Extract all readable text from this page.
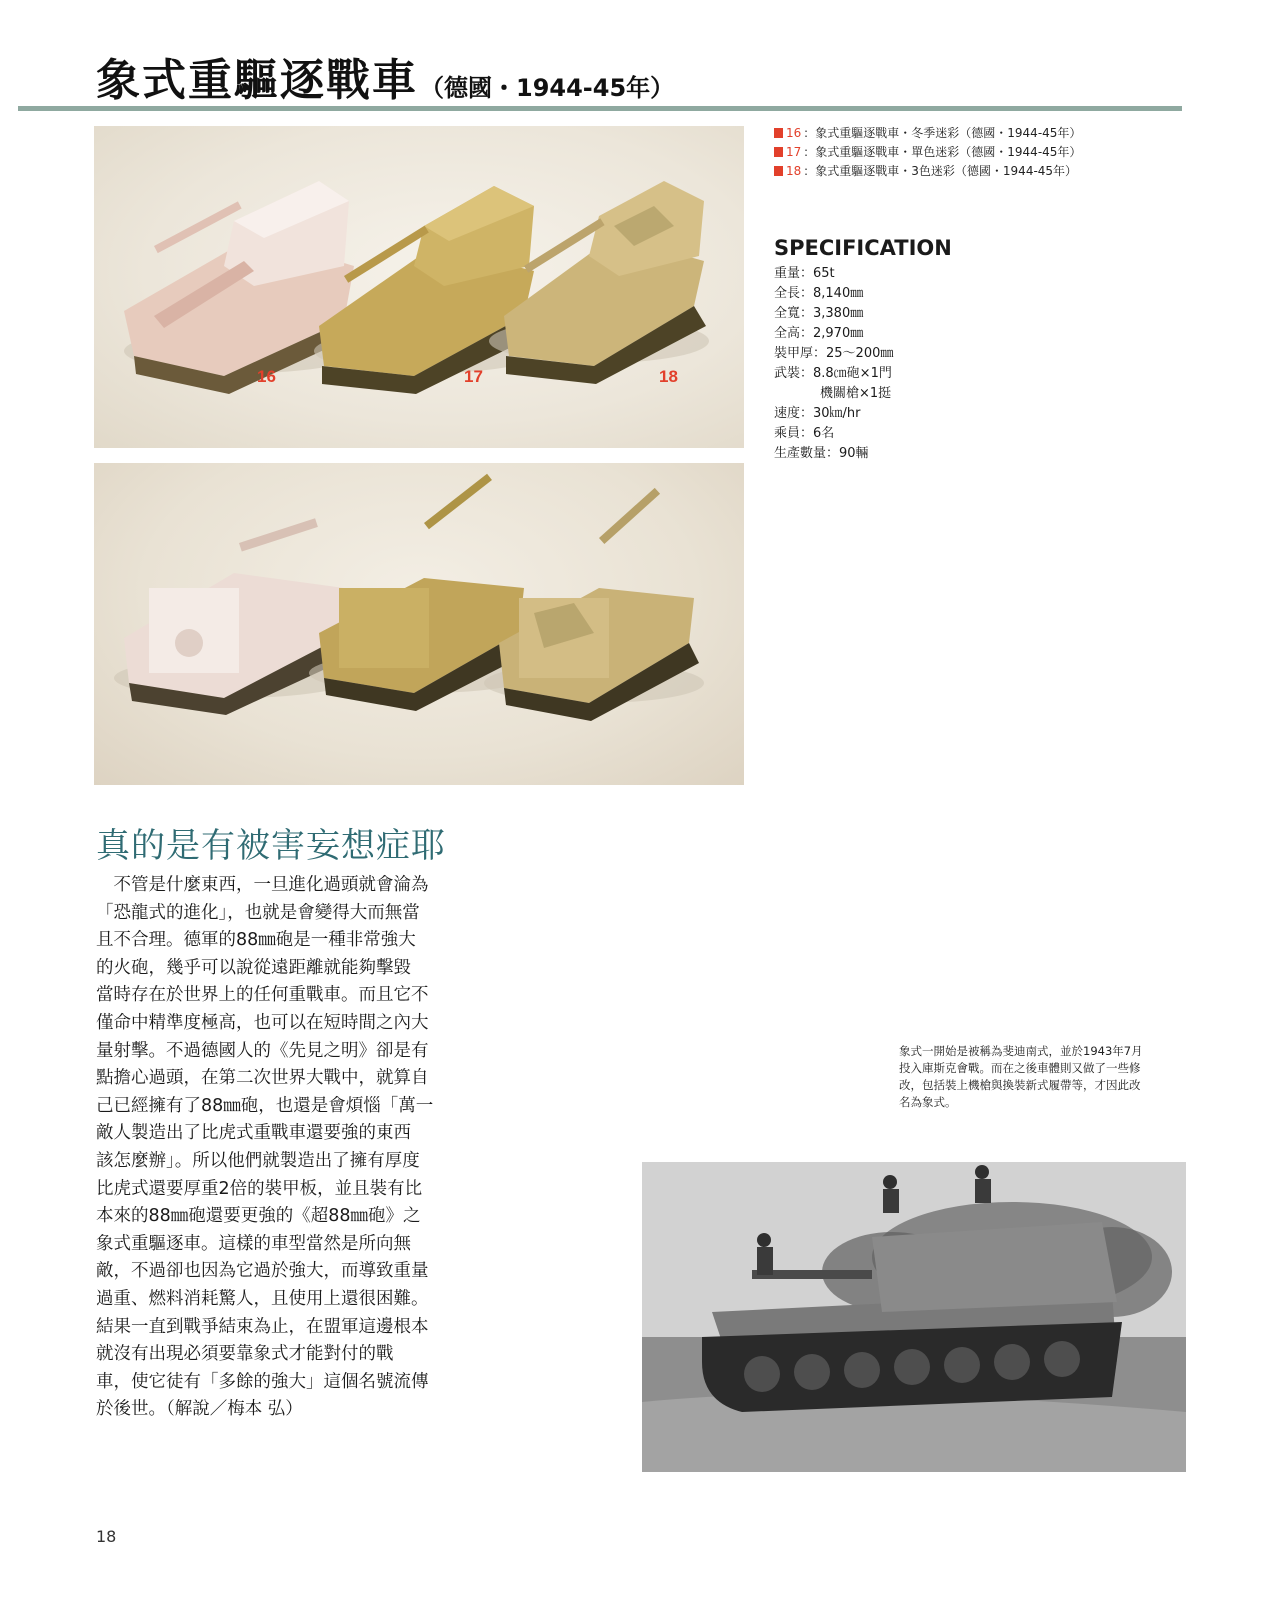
象式重驅逐戰車 （德國・1944-45年）
16	17	18
16 ：象式重驅逐戰車・冬季迷彩（德國・1944-45年）
17 ：象式重驅逐戰車・單色迷彩（德國・1944-45年）
18 ：象式重驅逐戰車・3色迷彩（德國・1944-45年）
SPECIFICATION
重量：65t
全長：8,140㎜
全寬：3,380㎜
全高：2,970㎜
裝甲厚：25～200㎜
武裝：8.8㎝砲×1門
機關槍×1挺
速度：30㎞/hr
乘員：6名
生產數量：90輛
真的是有被害妄想症耶
　不管是什麼東西，一旦進化過頭就會淪為
「恐龍式的進化」，也就是會變得大而無當
且不合理。德軍的88㎜砲是一種非常強大
的火砲，幾乎可以說從遠距離就能夠擊毀
當時存在於世界上的任何重戰車。而且它不
僅命中精準度極高，也可以在短時間之內大
量射擊。不過德國人的《先見之明》卻是有
點擔心過頭，在第二次世界大戰中，就算自
己已經擁有了88㎜砲，也還是會煩惱「萬一
敵人製造出了比虎式重戰車還要強的東西
該怎麼辦」。所以他們就製造出了擁有厚度
比虎式還要厚重2倍的裝甲板，並且裝有比
本來的88㎜砲還要更強的《超88㎜砲》之
象式重驅逐車。這樣的車型當然是所向無
敵，不過卻也因為它過於強大，而導致重量
過重、燃料消耗驚人，且使用上還很困難。
結果一直到戰爭結束為止，在盟軍這邊根本
就沒有出現必須要靠象式才能對付的戰
車，使它徒有「多餘的強大」這個名號流傳
於後世。（解說／梅本 弘）
象式一開始是被稱為斐迪南式，並於1943年7月
投入庫斯克會戰。而在之後車體則又做了一些修
改，包括裝上機槍與換裝新式履帶等，才因此改
名為象式。
18
